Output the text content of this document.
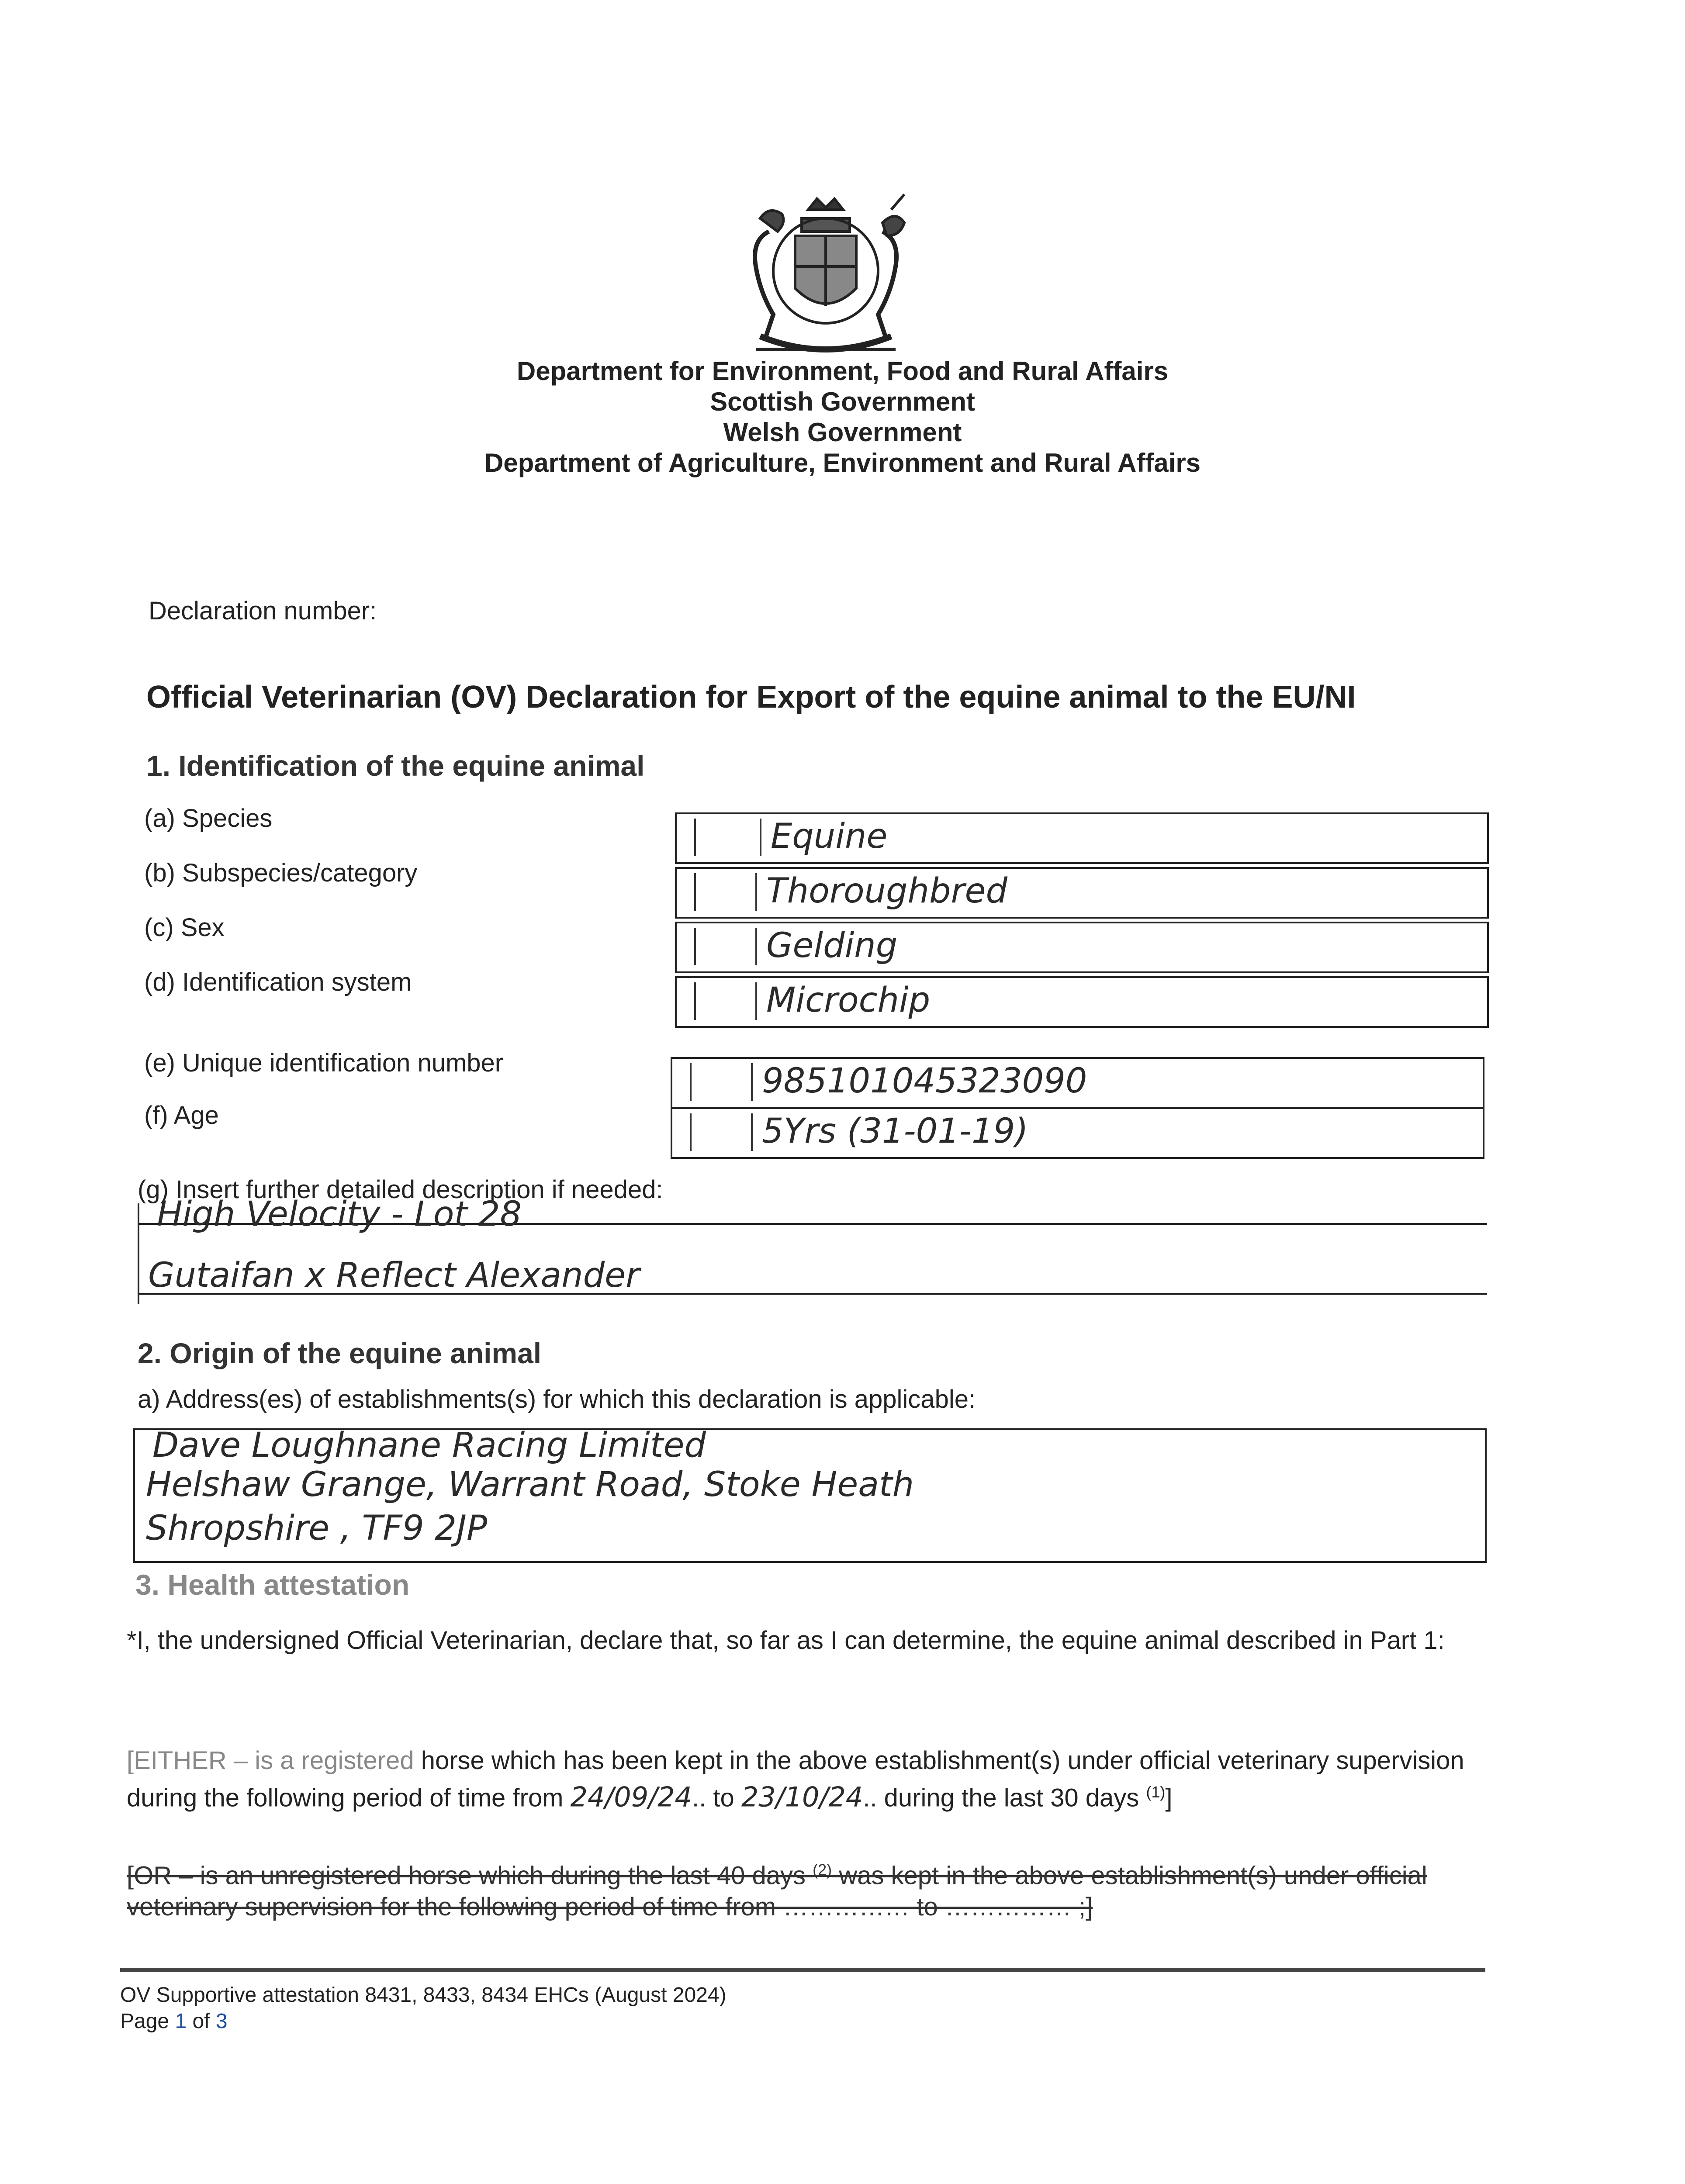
Department for Environment, Food and Rural Affairs
Scottish Government
Welsh Government
Department of Agriculture, Environment and Rural Affairs
Declaration number:
Official Veterinarian (OV) Declaration for Export of the equine animal to the EU/NI
1. Identification of the equine animal
(a) Species	Equine
(b) Subspecies/category	Thoroughbred
(c) Sex	Gelding
(d) Identification system	Microchip
(e) Unique identification number	985101045323090
(f) Age	5Yrs (31-01-19)
(g) Insert further detailed description if needed:
High Velocity - Lot 28
Gutaifan x Reflect Alexander
2. Origin of the equine animal
a) Address(es) of establishments(s) for which this declaration is applicable:
Dave Loughnane Racing Limited
Helshaw Grange, Warrant Road, Stoke Heath
Shropshire , TF9 2JP
3. Health attestation
*I, the undersigned Official Veterinarian, declare that, so far as I can determine, the equine animal described in Part 1:
[EITHER – is a registered horse which has been kept in the above establishment(s) under official veterinary supervision during the following period of time from 24/09/24.. to 23/10/24.. during the last 30 days $^{(1)}$]
[OR – is an unregistered horse which during the last 40 days $^{(2)}$ was kept in the above establishment(s) under official veterinary supervision for the following period of time from …………… to …………… ;]
OV Supportive attestation 8431, 8433, 8434 EHCs (August 2024)
Page 1 of 3
